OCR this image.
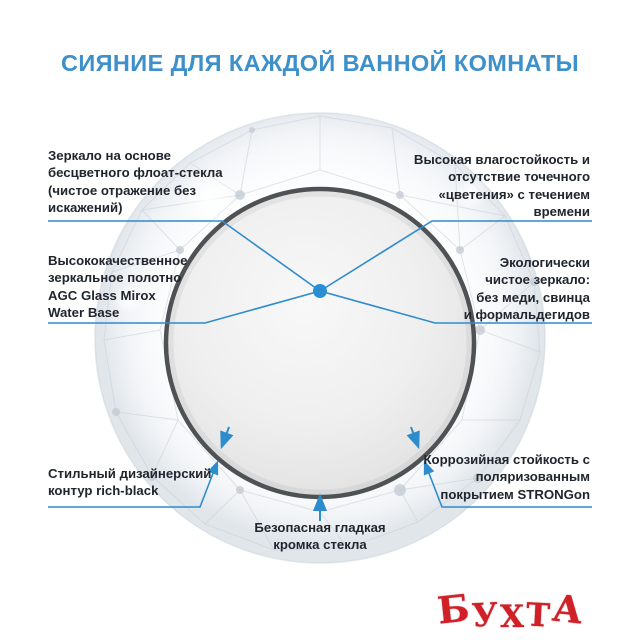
СИЯНИЕ ДЛЯ КАЖДОЙ ВАННОЙ КОМНАТЫ
Зеркало на основе
бесцветного флоат-стекла
(чистое отражение без
искажений)
Высококачественное
зеркальное полотно
AGC Glass Mirox
Water Base
Стильный дизайнерский
контур rich-black
Высокая влагостойкость и
отсутствие точечного
«цветения» с течением
времени
Экологически
чистое зеркало:
без меди, свинца
и формальдегидов
Коррозийная стойкость с
поляризованным
покрытием STRONGon
Безопасная гладкая
кромка стекла
Б У Х Т А
